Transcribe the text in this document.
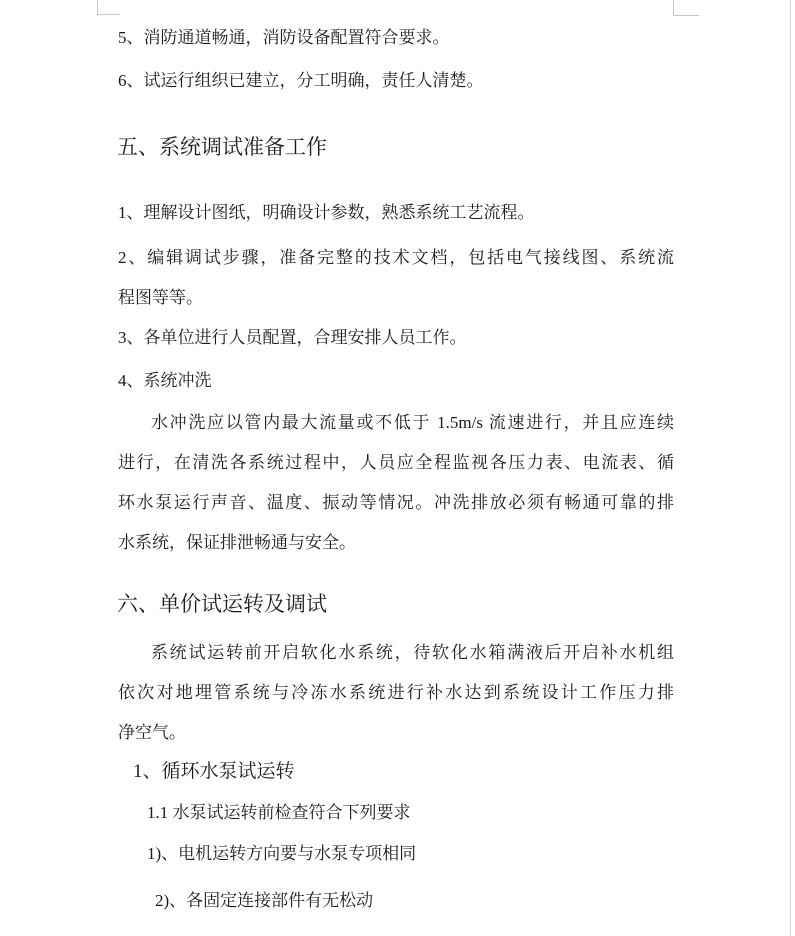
5、消防通道畅通，消防设备配置符合要求。
6、试运行组织已建立，分工明确，责任人清楚。
五、系统调试准备工作
1、理解设计图纸，明确设计参数，熟悉系统工艺流程。
2、编辑调试步骤，准备完整的技术文档，包括电气接线图、系统流
程图等等。
3、各单位进行人员配置，合理安排人员工作。
4、系统冲洗
水冲洗应以管内最大流量或不低于 1.5m/s 流速进行，并且应连续
进行，在清洗各系统过程中，人员应全程监视各压力表、电流表、循
环水泵运行声音、温度、振动等情况。冲洗排放必须有畅通可靠的排
水系统，保证排泄畅通与安全。
六、单价试运转及调试
系统试运转前开启软化水系统，待软化水箱满液后开启补水机组
依次对地埋管系统与冷冻水系统进行补水达到系统设计工作压力排
净空气。
1、循环水泵试运转
1.1 水泵试运转前检查符合下列要求
1)、电机运转方向要与水泵专项相同
2)、各固定连接部件有无松动
